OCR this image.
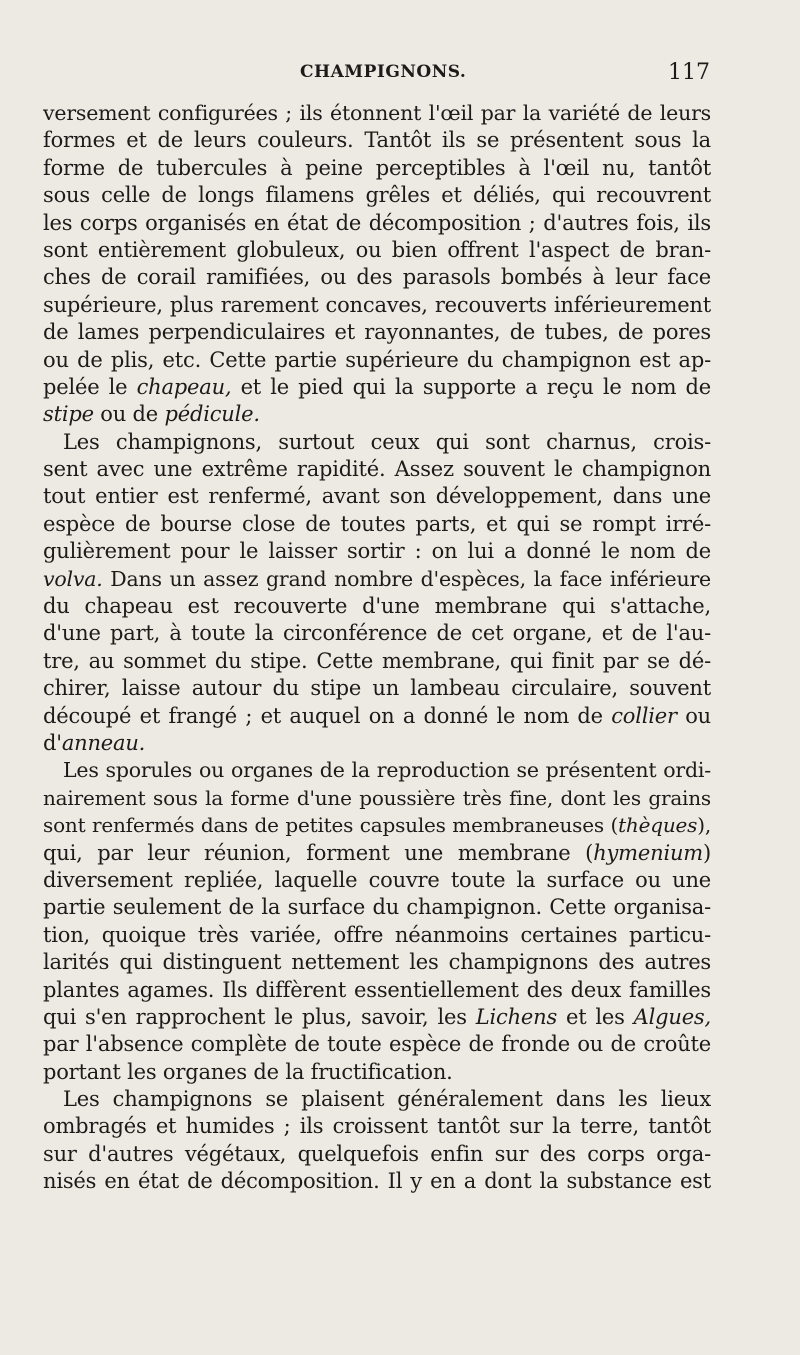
CHAMPIGNONS.	117
versement configurées ; ils étonnent l'œil par la variété de leurs
formes et de leurs couleurs. Tantôt ils se présentent sous la
forme de tubercules à peine perceptibles à l'œil nu, tantôt
sous celle de longs filamens grêles et déliés, qui recouvrent
les corps organisés en état de décomposition ; d'autres fois, ils
sont entièrement globuleux, ou bien offrent l'aspect de bran-
ches de corail ramifiées, ou des parasols bombés à leur face
supérieure, plus rarement concaves, recouverts inférieurement
de lames perpendiculaires et rayonnantes, de tubes, de pores
ou de plis, etc. Cette partie supérieure du champignon est ap-
pelée le chapeau, et le pied qui la supporte a reçu le nom de
stipe ou de pédicule.
Les champignons, surtout ceux qui sont charnus, crois-
sent avec une extrême rapidité. Assez souvent le champignon
tout entier est renfermé, avant son développement, dans une
espèce de bourse close de toutes parts, et qui se rompt irré-
gulièrement pour le laisser sortir : on lui a donné le nom de
volva. Dans un assez grand nombre d'espèces, la face inférieure
du chapeau est recouverte d'une membrane qui s'attache,
d'une part, à toute la circonférence de cet organe, et de l'au-
tre, au sommet du stipe. Cette membrane, qui finit par se dé-
chirer, laisse autour du stipe un lambeau circulaire, souvent
découpé et frangé ; et auquel on a donné le nom de collier ou
d'anneau.
Les sporules ou organes de la reproduction se présentent ordi-
nairement sous la forme d'une poussière très fine, dont les grains
sont renfermés dans de petites capsules membraneuses (thèques),
qui, par leur réunion, forment une membrane (hymenium)
diversement repliée, laquelle couvre toute la surface ou une
partie seulement de la surface du champignon. Cette organisa-
tion, quoique très variée, offre néanmoins certaines particu-
larités qui distinguent nettement les champignons des autres
plantes agames. Ils diffèrent essentiellement des deux familles
qui s'en rapprochent le plus, savoir, les Lichens et les Algues,
par l'absence complète de toute espèce de fronde ou de croûte
portant les organes de la fructification.
Les champignons se plaisent généralement dans les lieux
ombragés et humides ; ils croissent tantôt sur la terre, tantôt
sur d'autres végétaux, quelquefois enfin sur des corps orga-
nisés en état de décomposition. Il y en a dont la substance est
